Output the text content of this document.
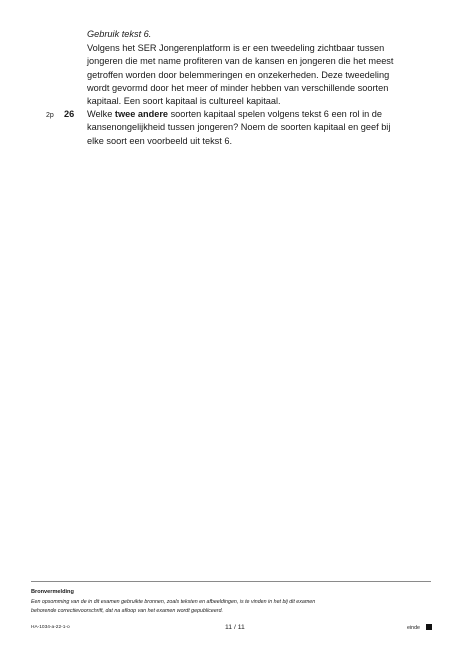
Gebruik tekst 6.
Volgens het SER Jongerenplatform is er een tweedeling zichtbaar tussen
jongeren die met name profiteren van de kansen en jongeren die het meest
getroffen worden door belemmeringen en onzekerheden. Deze tweedeling
wordt gevormd door het meer of minder hebben van verschillende soorten
kapitaal. Een soort kapitaal is cultureel kapitaal.
2p 26 Welke twee andere soorten kapitaal spelen volgens tekst 6 een rol in de
kansenongelijkheid tussen jongeren? Noem de soorten kapitaal en geef bij
elke soort een voorbeeld uit tekst 6.
Bronvermelding
Een opsomming van de in dit examen gebruikte bronnen, zoals teksten en afbeeldingen, is te vinden in het bij dit examen
behorende correctievoorschrift, dat na afloop van het examen wordt gepubliceerd.
HA-1034-a-22-1-o	11 / 11	einde
